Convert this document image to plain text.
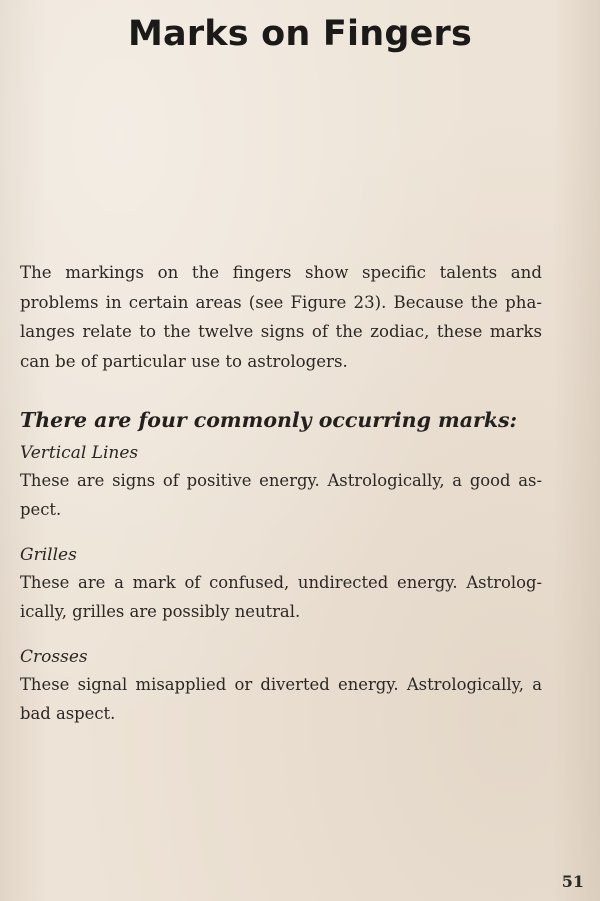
Marks on Fingers

The markings on the fingers show specific talents and
problems in certain areas (see Figure 23). Because the pha-
langes relate to the twelve signs of the zodiac, these marks
can be of particular use to astrologers.

There are four commonly occurring marks:
Vertical Lines
These are signs of positive energy. Astrologically, a good as-
pect.
Grilles
These are a mark of confused, undirected energy. Astrolog-
ically, grilles are possibly neutral.
Crosses
These signal misapplied or diverted energy. Astrologically, a
bad aspect.
51
